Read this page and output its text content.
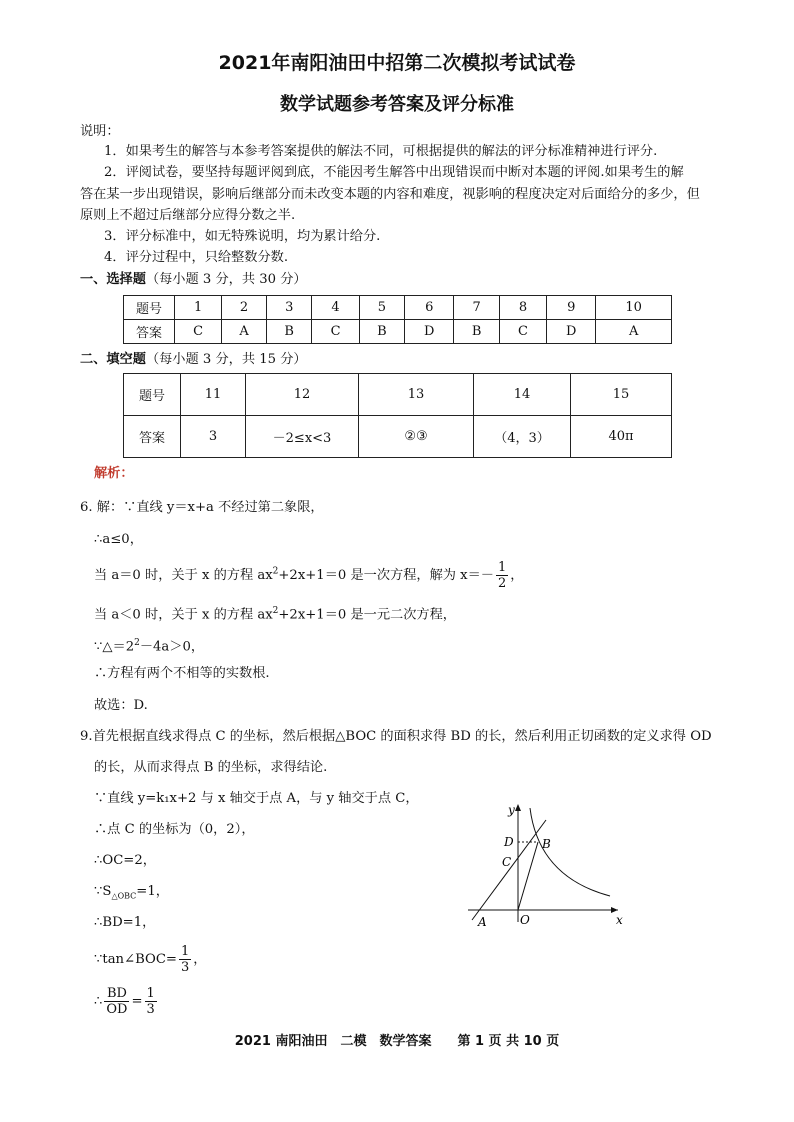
2021年南阳油田中招第二次模拟考试试卷
数学试题参考答案及评分标准
说明：
1．如果考生的解答与本参考答案提供的解法不同，可根据提供的解法的评分标准精神进行评分.
2．评阅试卷，要坚持每题评阅到底，不能因考生解答中出现错误而中断对本题的评阅.如果考生的解
答在某一步出现错误，影响后继部分而未改变本题的内容和难度，视影响的程度决定对后面给分的多少，但
原则上不超过后继部分应得分数之半.
3．评分标准中，如无特殊说明，均为累计给分.
4．评分过程中，只给整数分数.
一、选择题（每小题 3 分，共 30 分）
题号	1	2	3	4	5	6	7	8	9	10
答案	C	A	B	C	B	D	B	C	D	A
二、填空题（每小题 3 分，共 15 分）
题号	11	12	13	14	15
答案	3	－2≤x<3	②③	（4，3）	40π
解析：
6. 解：∵直线 y＝x+a 不经过第二象限，
∴a≤0，
当 a＝0 时，关于 x 的方程 $ax^2+2x+1=0$ 是一次方程，解为 $x=- \frac{1}{2}$ ，
当 a＜0 时，关于 x 的方程 $ax^2+2x+1=0$ 是一元二次方程，
$\because\triangle=2^2-4a>0$，
∴方程有两个不相等的实数根.
故选：D.
9.首先根据直线求得点 C 的坐标，然后根据△BOC 的面积求得 BD 的长，然后利用正切函数的定义求得 OD
的长，从而求得点 B 的坐标，求得结论.
∵直线 y=k₁x+2 与 x 轴交于点 A，与 y 轴交于点 C，
∴点 C 的坐标为（0，2），
∴OC=2，
$\because S_{\triangle OBC}=1$，
∴BD=1，
∵tan∠BOC= $\frac{1}{3}$ ，
∴ $\frac{BD}{OD} = \frac{1}{3}$
y
x
O
A
B
C
D
2021 南阳油田　二模　数学答案　　第 1 页 共 10 页
